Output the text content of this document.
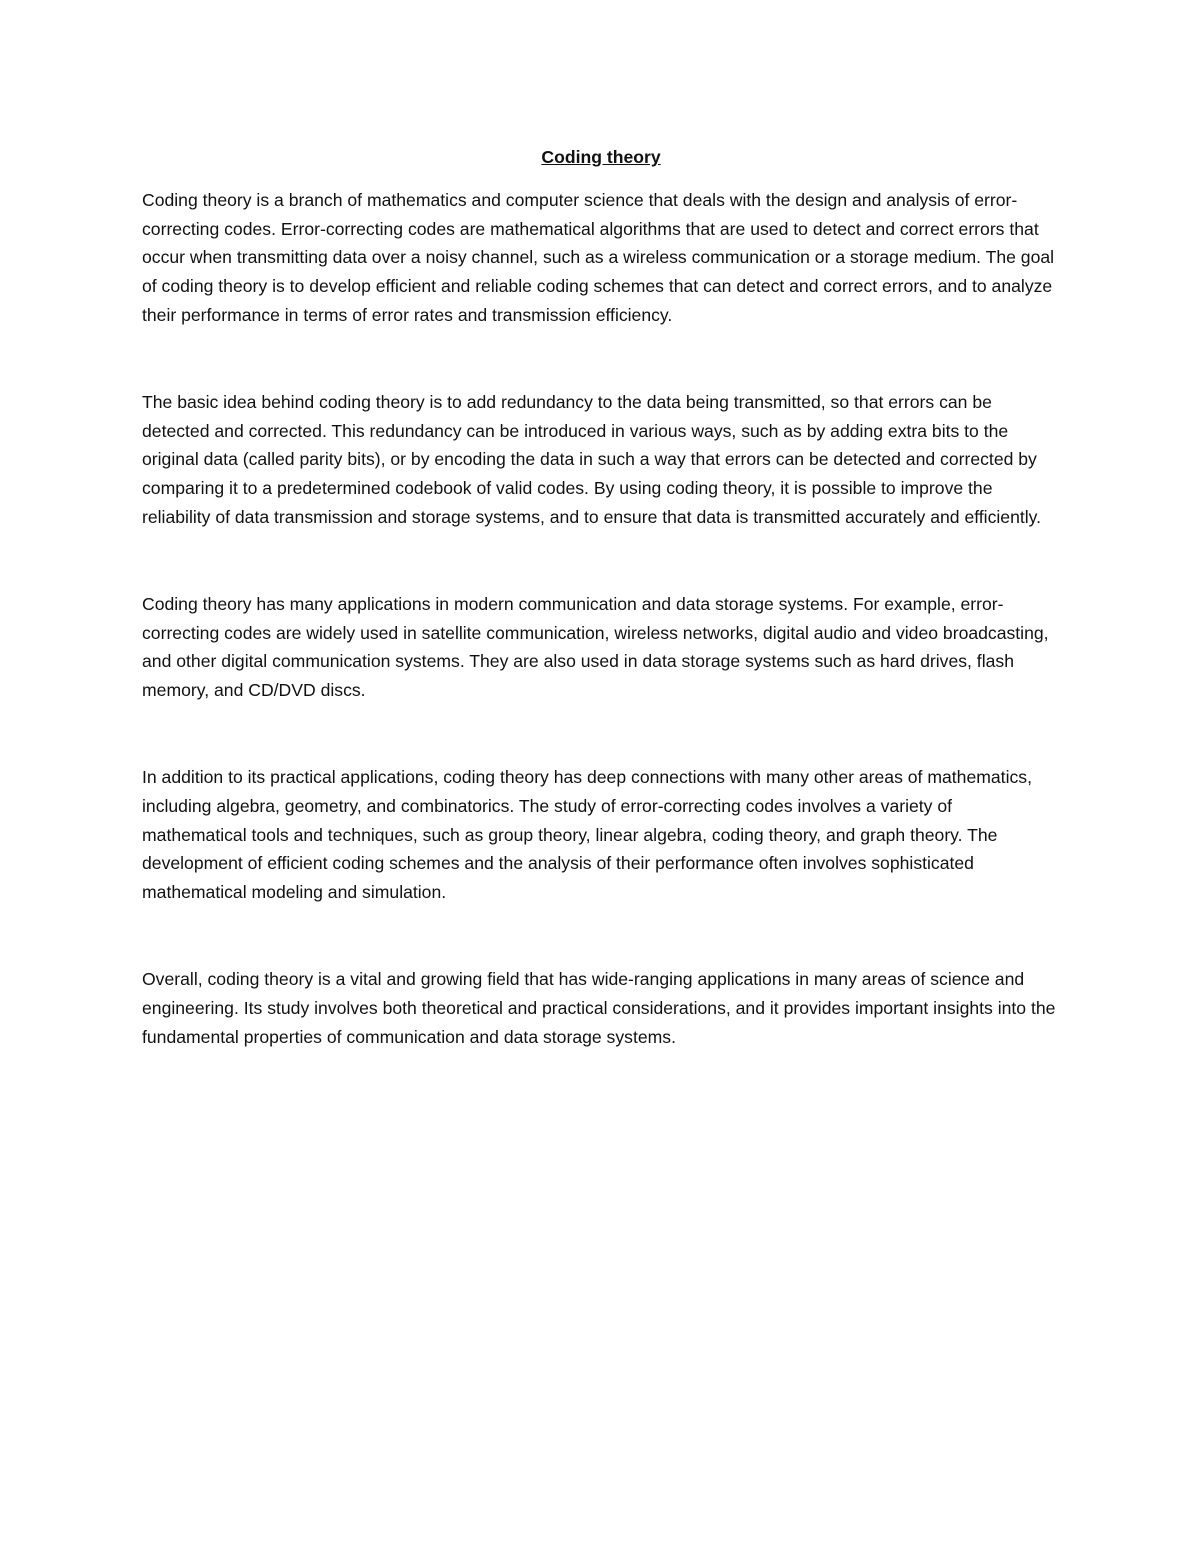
Coding theory

Coding theory is a branch of mathematics and computer science that deals with the design and analysis of error-correcting codes. Error-correcting codes are mathematical algorithms that are used to detect and correct errors that occur when transmitting data over a noisy channel, such as a wireless communication or a storage medium. The goal of coding theory is to develop efficient and reliable coding schemes that can detect and correct errors, and to analyze their performance in terms of error rates and transmission efficiency.

The basic idea behind coding theory is to add redundancy to the data being transmitted, so that errors can be detected and corrected. This redundancy can be introduced in various ways, such as by adding extra bits to the original data (called parity bits), or by encoding the data in such a way that errors can be detected and corrected by comparing it to a predetermined codebook of valid codes. By using coding theory, it is possible to improve the reliability of data transmission and storage systems, and to ensure that data is transmitted accurately and efficiently.

Coding theory has many applications in modern communication and data storage systems. For example, error-correcting codes are widely used in satellite communication, wireless networks, digital audio and video broadcasting, and other digital communication systems. They are also used in data storage systems such as hard drives, flash memory, and CD/DVD discs.

In addition to its practical applications, coding theory has deep connections with many other areas of mathematics, including algebra, geometry, and combinatorics. The study of error-correcting codes involves a variety of mathematical tools and techniques, such as group theory, linear algebra, coding theory, and graph theory. The development of efficient coding schemes and the analysis of their performance often involves sophisticated mathematical modeling and simulation.

Overall, coding theory is a vital and growing field that has wide-ranging applications in many areas of science and engineering. Its study involves both theoretical and practical considerations, and it provides important insights into the fundamental properties of communication and data storage systems.
